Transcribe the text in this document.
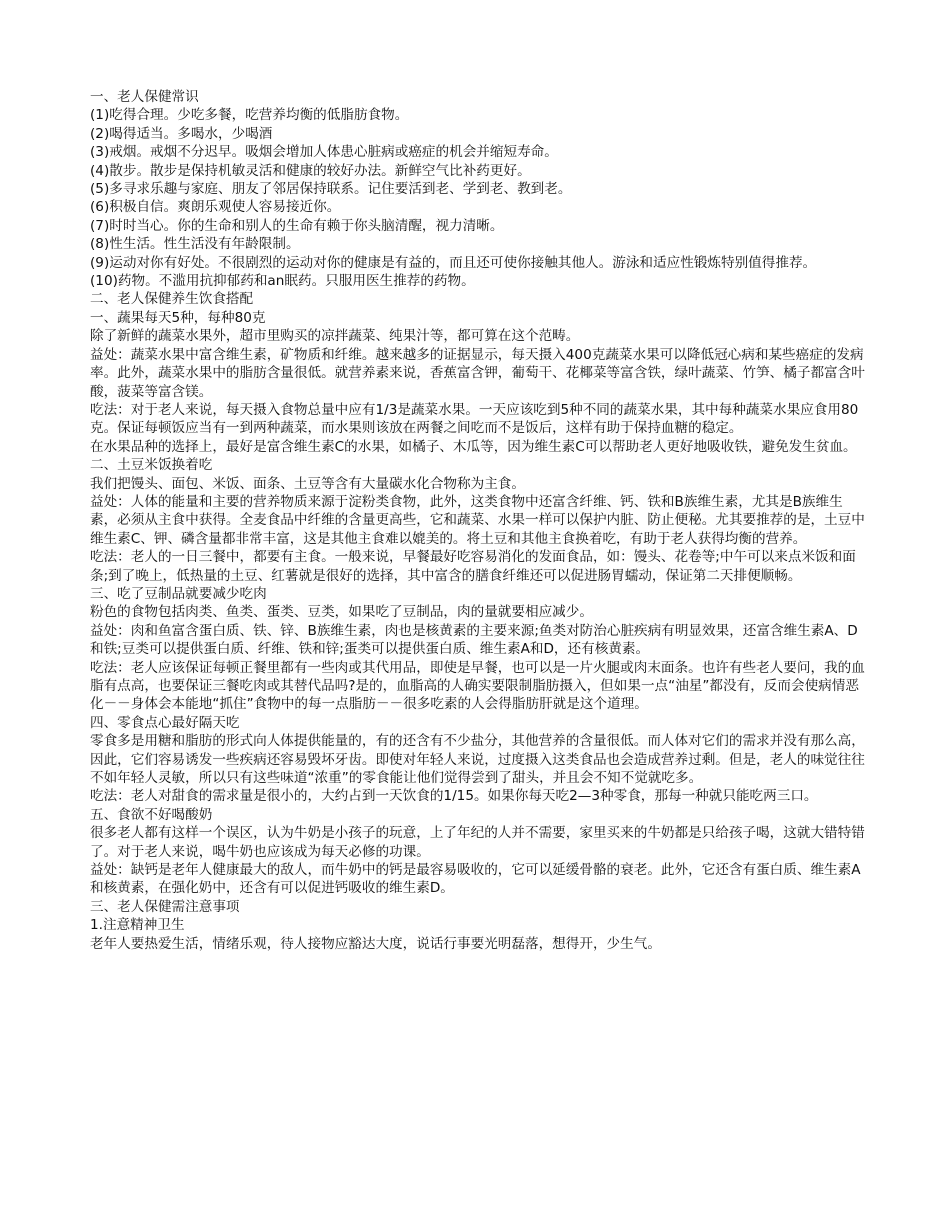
一、老人保健常识

(1)吃得合理。少吃多餐，吃营养均衡的低脂肪食物。

(2)喝得适当。多喝水，少喝酒

(3)戒烟。戒烟不分迟早。吸烟会增加人体患心脏病或癌症的机会并缩短寿命。

(4)散步。散步是保持机敏灵活和健康的较好办法。新鲜空气比补药更好。

(5)多寻求乐趣与家庭、朋友了邻居保持联系。记住要活到老、学到老、教到老。

(6)积极自信。爽朗乐观使人容易接近你。

(7)时时当心。你的生命和别人的生命有赖于你头脑清醒，视力清晰。

(8)性生活。性生活没有年龄限制。

(9)运动对你有好处。不很剧烈的运动对你的健康是有益的，而且还可使你接触其他人。游泳和适应性锻炼特别值得推荐。

(10)药物。不滥用抗抑郁药和an眠药。只服用医生推荐的药物。

二、老人保健养生饮食搭配

一、蔬果每天5种，每种80克

除了新鲜的蔬菜水果外，超市里购买的凉拌蔬菜、纯果汁等，都可算在这个范畴。

益处：蔬菜水果中富含维生素，矿物质和纤维。越来越多的证据显示，每天摄入400克蔬菜水果可以降低冠心病和某些癌症的发病率。此外，蔬菜水果中的脂肪含量很低。就营养素来说，香蕉富含钾，葡萄干、花椰菜等富含铁，绿叶蔬菜、竹笋、橘子都富含叶酸，菠菜等富含镁。

吃法：对于老人来说，每天摄入食物总量中应有1/3是蔬菜水果。一天应该吃到5种不同的蔬菜水果，其中每种蔬菜水果应食用80克。保证每顿饭应当有一到两种蔬菜，而水果则该放在两餐之间吃而不是饭后，这样有助于保持血糖的稳定。

在水果品种的选择上，最好是富含维生素C的水果，如橘子、木瓜等，因为维生素C可以帮助老人更好地吸收铁，避免发生贫血。

二、土豆米饭换着吃

我们把馒头、面包、米饭、面条、土豆等含有大量碳水化合物称为主食。

益处：人体的能量和主要的营养物质来源于淀粉类食物，此外，这类食物中还富含纤维、钙、铁和B族维生素，尤其是B族维生素，必须从主食中获得。全麦食品中纤维的含量更高些，它和蔬菜、水果一样可以保护内脏、防止便秘。尤其要推荐的是，土豆中维生素C、钾、磷含量都非常丰富，这是其他主食难以媲美的。将土豆和其他主食换着吃，有助于老人获得均衡的营养。

吃法：老人的一日三餐中，都要有主食。一般来说，早餐最好吃容易消化的发面食品，如：馒头、花卷等;中午可以来点米饭和面条;到了晚上，低热量的土豆、红薯就是很好的选择，其中富含的膳食纤维还可以促进肠胃蠕动，保证第二天排便顺畅。

三、吃了豆制品就要减少吃肉

粉色的食物包括肉类、鱼类、蛋类、豆类，如果吃了豆制品，肉的量就要相应减少。

益处：肉和鱼富含蛋白质、铁、锌、B族维生素，肉也是核黄素的主要来源;鱼类对防治心脏疾病有明显效果，还富含维生素A、D和铁;豆类可以提供蛋白质、纤维、铁和锌;蛋类可以提供蛋白质、维生素A和D，还有核黄素。

吃法：老人应该保证每顿正餐里都有一些肉或其代用品，即使是早餐，也可以是一片火腿或肉末面条。也许有些老人要问，我的血脂有点高，也要保证三餐吃肉或其替代品吗?是的，血脂高的人确实要限制脂肪摄入，但如果一点“油星”都没有，反而会使病情恶化－－身体会本能地“抓住”食物中的每一点脂肪－－很多吃素的人会得脂肪肝就是这个道理。

四、零食点心最好隔天吃

零食多是用糖和脂肪的形式向人体提供能量的，有的还含有不少盐分，其他营养的含量很低。而人体对它们的需求并没有那么高，因此，它们容易诱发一些疾病还容易毁坏牙齿。即使对年轻人来说，过度摄入这类食品也会造成营养过剩。但是，老人的味觉往往不如年轻人灵敏，所以只有这些味道“浓重”的零食能让他们觉得尝到了甜头，并且会不知不觉就吃多。

吃法：老人对甜食的需求量是很小的，大约占到一天饮食的1/15。如果你每天吃2—3种零食，那每一种就只能吃两三口。

五、食欲不好喝酸奶

很多老人都有这样一个误区，认为牛奶是小孩子的玩意，上了年纪的人并不需要，家里买来的牛奶都是只给孩子喝，这就大错特错了。对于老人来说，喝牛奶也应该成为每天必修的功课。

益处：缺钙是老年人健康最大的敌人，而牛奶中的钙是最容易吸收的，它可以延缓骨骼的衰老。此外，它还含有蛋白质、维生素A和核黄素，在强化奶中，还含有可以促进钙吸收的维生素D。

三、老人保健需注意事项

1.注意精神卫生

老年人要热爱生活，情绪乐观，待人接物应豁达大度，说话行事要光明磊落，想得开，少生气。
